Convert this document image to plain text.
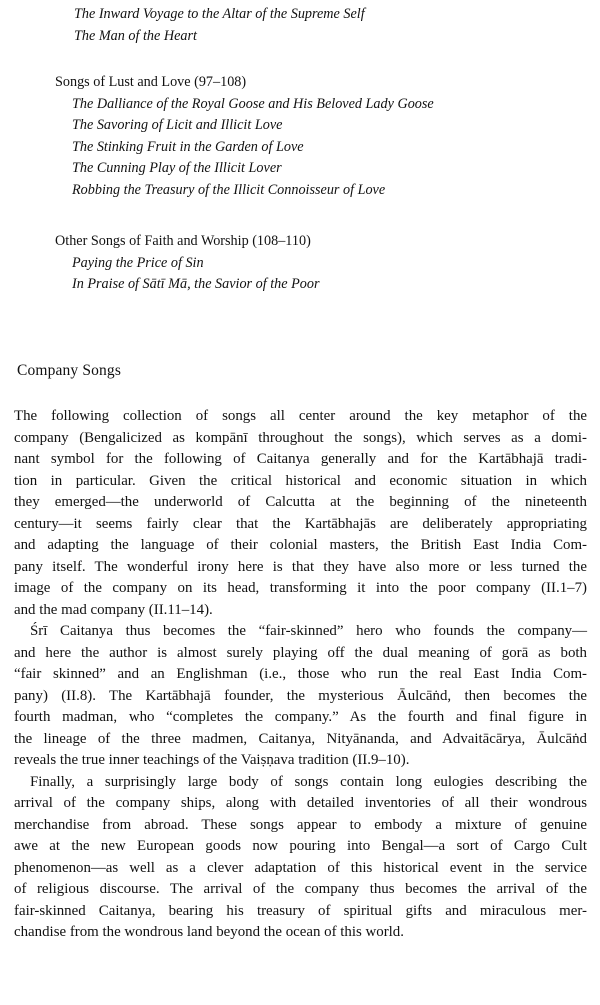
The Inward Voyage to the Altar of the Supreme Self
The Man of the Heart
Songs of Lust and Love (97–108)
The Dalliance of the Royal Goose and His Beloved Lady Goose
The Savoring of Licit and Illicit Love
The Stinking Fruit in the Garden of Love
The Cunning Play of the Illicit Lover
Robbing the Treasury of the Illicit Connoisseur of Love
Other Songs of Faith and Worship (108–110)
Paying the Price of Sin
In Praise of Sātī Mā, the Savior of the Poor
Company Songs
The following collection of songs all center around the key metaphor of the
company (Bengalicized as kompānī throughout the songs), which serves as a domi-
nant symbol for the following of Caitanya generally and for the Kartābhajā tradi-
tion in particular. Given the critical historical and economic situation in which
they emerged—the underworld of Calcutta at the beginning of the nineteenth
century—it seems fairly clear that the Kartābhajās are deliberately appropriating
and adapting the language of their colonial masters, the British East India Com-
pany itself. The wonderful irony here is that they have also more or less turned the
image of the company on its head, transforming it into the poor company (II.1–7)
and the mad company (II.11–14).
Śrī Caitanya thus becomes the “fair-skinned” hero who founds the company—
and here the author is almost surely playing off the dual meaning of gorā as both
“fair skinned” and an Englishman (i.e., those who run the real East India Com-
pany) (II.8). The Kartābhajā founder, the mysterious Āulcāṅd, then becomes the
fourth madman, who “completes the company.” As the fourth and final figure in
the lineage of the three madmen, Caitanya, Nityānanda, and Advaitācārya, Āulcāṅd
reveals the true inner teachings of the Vaiṣṇava tradition (II.9–10).
Finally, a surprisingly large body of songs contain long eulogies describing the
arrival of the company ships, along with detailed inventories of all their wondrous
merchandise from abroad. These songs appear to embody a mixture of genuine
awe at the new European goods now pouring into Bengal—a sort of Cargo Cult
phenomenon—as well as a clever adaptation of this historical event in the service
of religious discourse. The arrival of the company thus becomes the arrival of the
fair-skinned Caitanya, bearing his treasury of spiritual gifts and miraculous mer-
chandise from the wondrous land beyond the ocean of this world.
